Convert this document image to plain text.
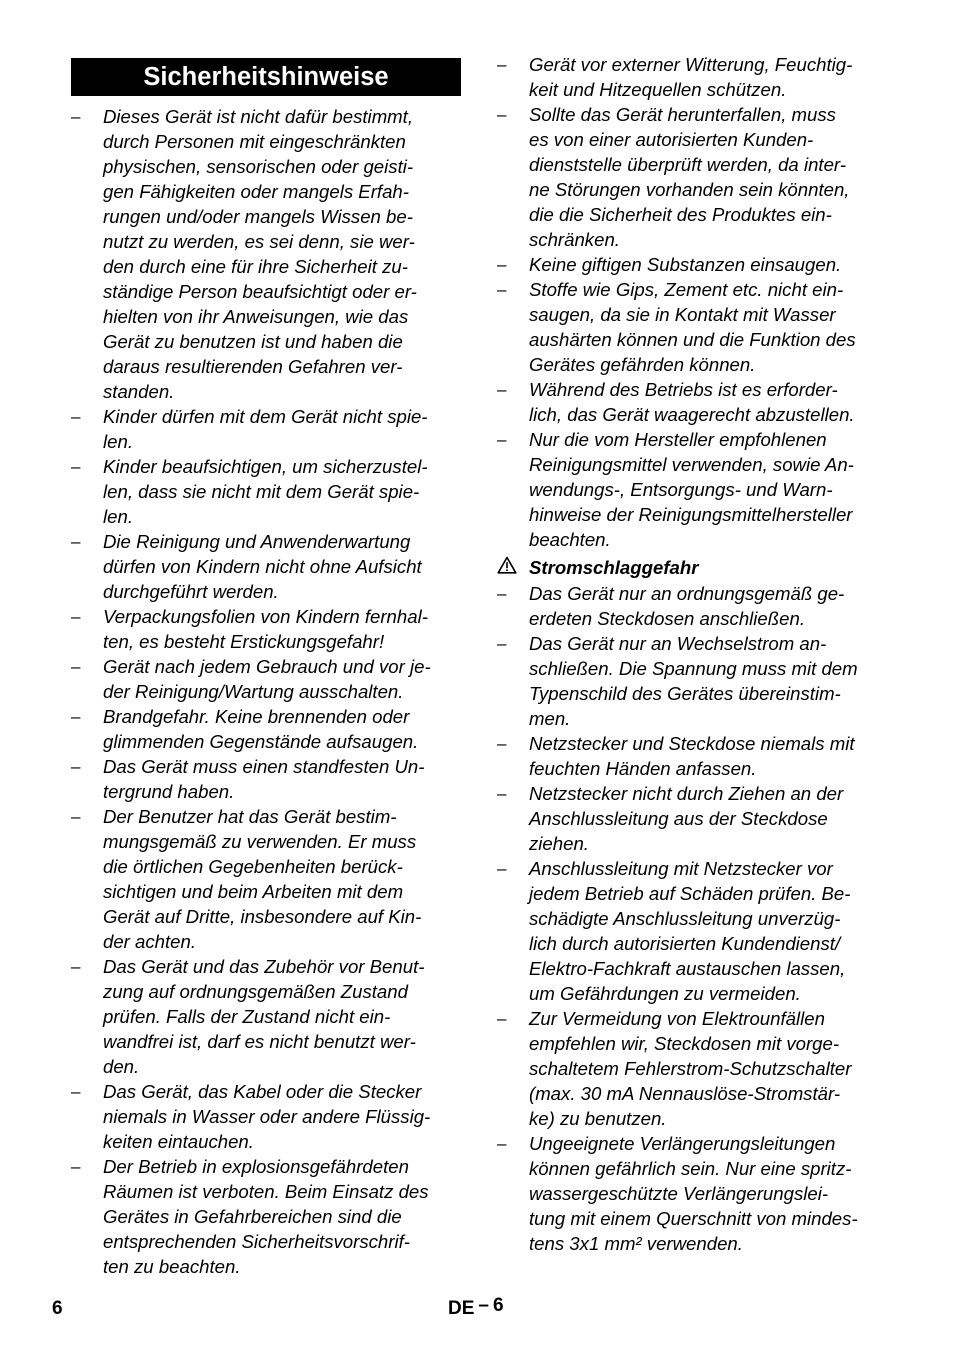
Sicherheitshinweise
–	Dieses Gerät ist nicht dafür bestimmt,
durch Personen mit eingeschränkten
physischen, sensorischen oder geisti-
gen Fähigkeiten oder mangels Erfah-
rungen und/oder mangels Wissen be-
nutzt zu werden, es sei denn, sie wer-
den durch eine für ihre Sicherheit zu-
ständige Person beaufsichtigt oder er-
hielten von ihr Anweisungen, wie das
Gerät zu benutzen ist und haben die
daraus resultierenden Gefahren ver-
standen.
–	Kinder dürfen mit dem Gerät nicht spie-
len.
–	Kinder beaufsichtigen, um sicherzustel-
len, dass sie nicht mit dem Gerät spie-
len.
–	Die Reinigung und Anwenderwartung
dürfen von Kindern nicht ohne Aufsicht
durchgeführt werden.
–	Verpackungsfolien von Kindern fernhal-
ten, es besteht Erstickungsgefahr!
–	Gerät nach jedem Gebrauch und vor je-
der Reinigung/Wartung ausschalten.
–	Brandgefahr. Keine brennenden oder
glimmenden Gegenstände aufsaugen.
–	Das Gerät muss einen standfesten Un-
tergrund haben.
–	Der Benutzer hat das Gerät bestim-
mungsgemäß zu verwenden. Er muss
die örtlichen Gegebenheiten berück-
sichtigen und beim Arbeiten mit dem
Gerät auf Dritte, insbesondere auf Kin-
der achten.
–	Das Gerät und das Zubehör vor Benut-
zung auf ordnungsgemäßen Zustand
prüfen. Falls der Zustand nicht ein-
wandfrei ist, darf es nicht benutzt wer-
den.
–	Das Gerät, das Kabel oder die Stecker
niemals in Wasser oder andere Flüssig-
keiten eintauchen.
–	Der Betrieb in explosionsgefährdeten
Räumen ist verboten. Beim Einsatz des
Gerätes in Gefahrbereichen sind die
entsprechenden Sicherheitsvorschrif-
ten zu beachten.
–	Gerät vor externer Witterung, Feuchtig-
keit und Hitzequellen schützen.
–	Sollte das Gerät herunterfallen, muss
es von einer autorisierten Kunden-
dienststelle überprüft werden, da inter-
ne Störungen vorhanden sein könnten,
die die Sicherheit des Produktes ein-
schränken.
–	Keine giftigen Substanzen einsaugen.
–	Stoffe wie Gips, Zement etc. nicht ein-
saugen, da sie in Kontakt mit Wasser
aushärten können und die Funktion des
Gerätes gefährden können.
–	Während des Betriebs ist es erforder-
lich, das Gerät waagerecht abzustellen.
–	Nur die vom Hersteller empfohlenen
Reinigungsmittel verwenden, sowie An-
wendungs-, Entsorgungs- und Warn-
hinweise der Reinigungsmittelhersteller
beachten.
Stromschlaggefahr
–	Das Gerät nur an ordnungsgemäß ge-
erdeten Steckdosen anschließen.
–	Das Gerät nur an Wechselstrom an-
schließen. Die Spannung muss mit dem
Typenschild des Gerätes übereinstim-
men.
–	Netzstecker und Steckdose niemals mit
feuchten Händen anfassen.
–	Netzstecker nicht durch Ziehen an der
Anschlussleitung aus der Steckdose
ziehen.
–	Anschlussleitung mit Netzstecker vor
jedem Betrieb auf Schäden prüfen. Be-
schädigte Anschlussleitung unverzüg-
lich durch autorisierten Kundendienst/
Elektro-Fachkraft austauschen lassen,
um Gefährdungen zu vermeiden.
–	Zur Vermeidung von Elektrounfällen
empfehlen wir, Steckdosen mit vorge-
schaltetem Fehlerstrom-Schutzschalter
(max. 30 mA Nennauslöse-Stromstär-
ke) zu benutzen.
–	Ungeeignete Verlängerungsleitungen
können gefährlich sein. Nur eine spritz-
wassergeschützte Verlängerungslei-
tung mit einem Querschnitt von mindes-
tens 3x1 mm² verwenden.
6	DE – 6
